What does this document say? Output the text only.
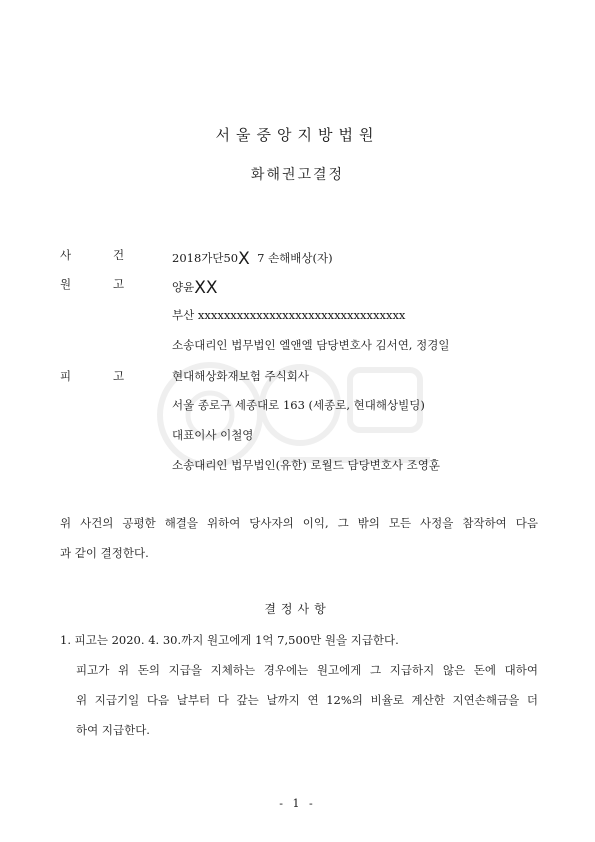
서울중앙지방법원
화해권고결정
사	건	2018가단50X 7 손해배상(자)
원	고	양윤XX
부산 xxxxxxxxxxxxxxxxxxxxxxxxxxxxxxxx
소송대리인 법무법인 엘앤엘 담당변호사 김서연, 정경일
피	고	현대해상화재보험 주식회사
서울 종로구 세종대로 163 (세종로, 현대해상빌딩)
대표이사 이철영
소송대리인 법무법인(유한) 로월드 담당변호사 조영훈
위 사건의 공평한 해결을 위하여 당사자의 이익, 그 밖의 모든 사정을 참작하여 다음
과 같이 결정한다.
결정사항
1. 피고는 2020. 4. 30.까지 원고에게 1억 7,500만 원을 지급한다.
피고가 위 돈의 지급을 지체하는 경우에는 원고에게 그 지급하지 않은 돈에 대하여
위 지급기일 다음 날부터 다 갚는 날까지 연 12%의 비율로 계산한 지연손해금을 더
하여 지급한다.
- 1 -
